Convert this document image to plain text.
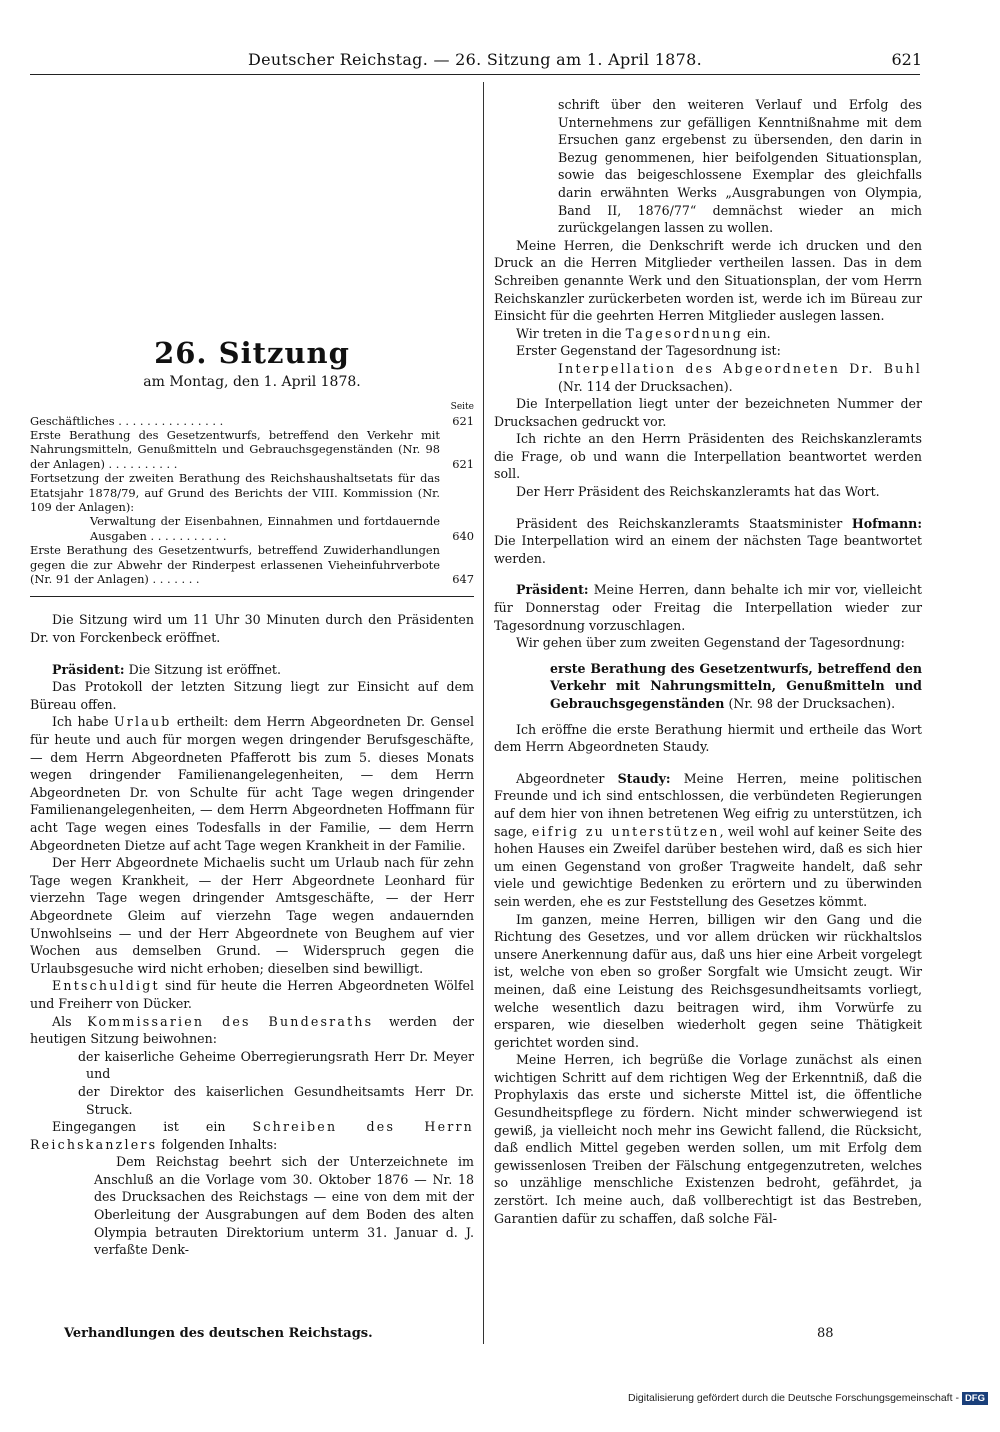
Deutscher Reichstag. — 26. Sitzung am 1. April 1878.	621
26. Sitzung
am Montag, den 1. April 1878.
Seite
Geschäftliches . . . . . . . . . . . . . . .	621
Erste Berathung des Gesetzentwurfs, betreffend den Verkehr mit Nahrungsmitteln, Genußmitteln und Gebrauchsgegenständen (Nr. 98 der Anlagen) . . . . . . . . . .	621
Fortsetzung der zweiten Berathung des Reichshaushaltsetats für das Etatsjahr 1878/79, auf Grund des Berichts der VIII. Kommission (Nr. 109 der Anlagen):
Verwaltung der Eisenbahnen, Einnahmen und fortdauernde Ausgaben . . . . . . . . . . .	640
Erste Berathung des Gesetzentwurfs, betreffend Zuwiderhandlungen gegen die zur Abwehr der Rinderpest erlassenen Vieheinfuhrverbote (Nr. 91 der Anlagen) . . . . . . .	647

Die Sitzung wird um 11 Uhr 30 Minuten durch den Präsidenten Dr. von Forckenbeck eröffnet.

Präsident: Die Sitzung ist eröffnet.

Das Protokoll der letzten Sitzung liegt zur Einsicht auf dem Büreau offen.

Ich habe Urlaub ertheilt: dem Herrn Abgeordneten Dr. Gensel für heute und auch für morgen wegen dringender Berufsgeschäfte, — dem Herrn Abgeordneten Pfafferott bis zum 5. dieses Monats wegen dringender Familienangelegenheiten, — dem Herrn Abgeordneten Dr. von Schulte für acht Tage wegen dringender Familienangelegenheiten, — dem Herrn Abgeordneten Hoffmann für acht Tage wegen eines Todesfalls in der Familie, — dem Herrn Abgeordneten Dietze auf acht Tage wegen Krankheit in der Familie.

Der Herr Abgeordnete Michaelis sucht um Urlaub nach für zehn Tage wegen Krankheit, — der Herr Abgeordnete Leonhard für vierzehn Tage wegen dringender Amtsgeschäfte, — der Herr Abgeordnete Gleim auf vierzehn Tage wegen andauernden Unwohlseins — und der Herr Abgeordnete von Beughem auf vier Wochen aus demselben Grund. — Widerspruch gegen die Urlaubsgesuche wird nicht erhoben; dieselben sind bewilligt.

Entschuldigt sind für heute die Herren Abgeordneten Wölfel und Freiherr von Dücker.

Als Kommissarien des Bundesraths werden der heutigen Sitzung beiwohnen:

der kaiserliche Geheime Oberregierungsrath Herr Dr. Meyer und

der Direktor des kaiserlichen Gesundheitsamts Herr Dr. Struck.

Eingegangen ist ein Schreiben des Herrn Reichskanzlers folgenden Inhalts:

Dem Reichstag beehrt sich der Unterzeichnete im Anschluß an die Vorlage vom 30. Oktober 1876 — Nr. 18 des Drucksachen des Reichstags — eine von dem mit der Oberleitung der Ausgrabungen auf dem Boden des alten Olympia betrauten Direktorium unterm 31. Januar d. J. verfaßte Denk-

schrift über den weiteren Verlauf und Erfolg des Unternehmens zur gefälligen Kenntnißnahme mit dem Ersuchen ganz ergebenst zu übersenden, den darin in Bezug genommenen, hier beifolgenden Situationsplan, sowie das beigeschlossene Exemplar des gleichfalls darin erwähnten Werks „Ausgrabungen von Olympia, Band II, 1876/77“ demnächst wieder an mich zurückgelangen lassen zu wollen.

Meine Herren, die Denkschrift werde ich drucken und den Druck an die Herren Mitglieder vertheilen lassen. Das in dem Schreiben genannte Werk und den Situationsplan, der vom Herrn Reichskanzler zurückerbeten worden ist, werde ich im Büreau zur Einsicht für die geehrten Herren Mitglieder auslegen lassen.

Wir treten in die Tagesordnung ein.

Erster Gegenstand der Tagesordnung ist:

Interpellation des Abgeordneten Dr. Buhl (Nr. 114 der Drucksachen).

Die Interpellation liegt unter der bezeichneten Nummer der Drucksachen gedruckt vor.

Ich richte an den Herrn Präsidenten des Reichskanzleramts die Frage, ob und wann die Interpellation beantwortet werden soll.

Der Herr Präsident des Reichskanzleramts hat das Wort.

Präsident des Reichskanzleramts Staatsminister Hofmann: Die Interpellation wird an einem der nächsten Tage beantwortet werden.

Präsident: Meine Herren, dann behalte ich mir vor, vielleicht für Donnerstag oder Freitag die Interpellation wieder zur Tagesordnung vorzuschlagen.

Wir gehen über zum zweiten Gegenstand der Tagesordnung:

erste Berathung des Gesetzentwurfs, betreffend den Verkehr mit Nahrungsmitteln, Genußmitteln und Gebrauchsgegenständen (Nr. 98 der Drucksachen).

Ich eröffne die erste Berathung hiermit und ertheile das Wort dem Herrn Abgeordneten Staudy.

Abgeordneter Staudy: Meine Herren, meine politischen Freunde und ich sind entschlossen, die verbündeten Regierungen auf dem hier von ihnen betretenen Weg eifrig zu unterstützen, ich sage, eifrig zu unterstützen, weil wohl auf keiner Seite des hohen Hauses ein Zweifel darüber bestehen wird, daß es sich hier um einen Gegenstand von großer Tragweite handelt, daß sehr viele und gewichtige Bedenken zu erörtern und zu überwinden sein werden, ehe es zur Feststellung des Gesetzes kömmt.

Im ganzen, meine Herren, billigen wir den Gang und die Richtung des Gesetzes, und vor allem drücken wir rückhaltslos unsere Anerkennung dafür aus, daß uns hier eine Arbeit vorgelegt ist, welche von eben so großer Sorgfalt wie Umsicht zeugt. Wir meinen, daß eine Leistung des Reichsgesundheitsamts vorliegt, welche wesentlich dazu beitragen wird, ihm Vorwürfe zu ersparen, wie dieselben wiederholt gegen seine Thätigkeit gerichtet worden sind.

Meine Herren, ich begrüße die Vorlage zunächst als einen wichtigen Schritt auf dem richtigen Weg der Erkenntniß, daß die Prophylaxis das erste und sicherste Mittel ist, die öffentliche Gesundheitspflege zu fördern. Nicht minder schwerwiegend ist gewiß, ja vielleicht noch mehr ins Gewicht fallend, die Rücksicht, daß endlich Mittel gegeben werden sollen, um mit Erfolg dem gewissenlosen Treiben der Fälschung entgegenzutreten, welches so unzählige menschliche Existenzen bedroht, gefährdet, ja zerstört. Ich meine auch, daß vollberechtigt ist das Bestreben, Garantien dafür zu schaffen, daß solche Fäl-

Verhandlungen des deutschen Reichstags.	88
Digitalisierung gefördert durch die Deutsche Forschungsgemeinschaft - DFG
